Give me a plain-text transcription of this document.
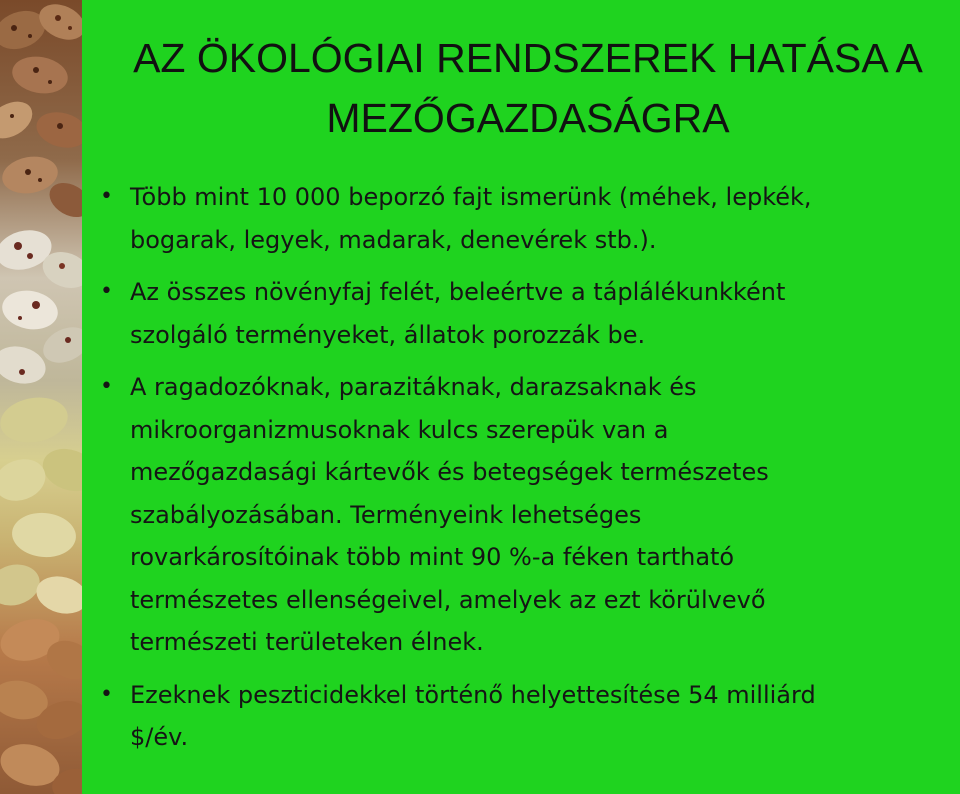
AZ ÖKOLÓGIAI RENDSZEREK HATÁSA A
MEZŐGAZDASÁGRA
• Több mint 10 000 beporzó fajt ismerünk (méhek, lepkék,
bogarak, legyek, madarak, denevérek stb.).
• Az összes növényfaj felét, beleértve a táplálékunkként
szolgáló terményeket, állatok porozzák be.
• A ragadozóknak, parazitáknak, darazsaknak és
mikroorganizmusoknak kulcs szerepük van a
mezőgazdasági kártevők és betegségek természetes
szabályozásában. Terményeink lehetséges
rovarkárosítóinak több mint 90 %-a féken tartható
természetes ellenségeivel, amelyek az ezt körülvevő
természeti területeken élnek.
• Ezeknek peszticidekkel történő helyettesítése 54 milliárd
$/év.
